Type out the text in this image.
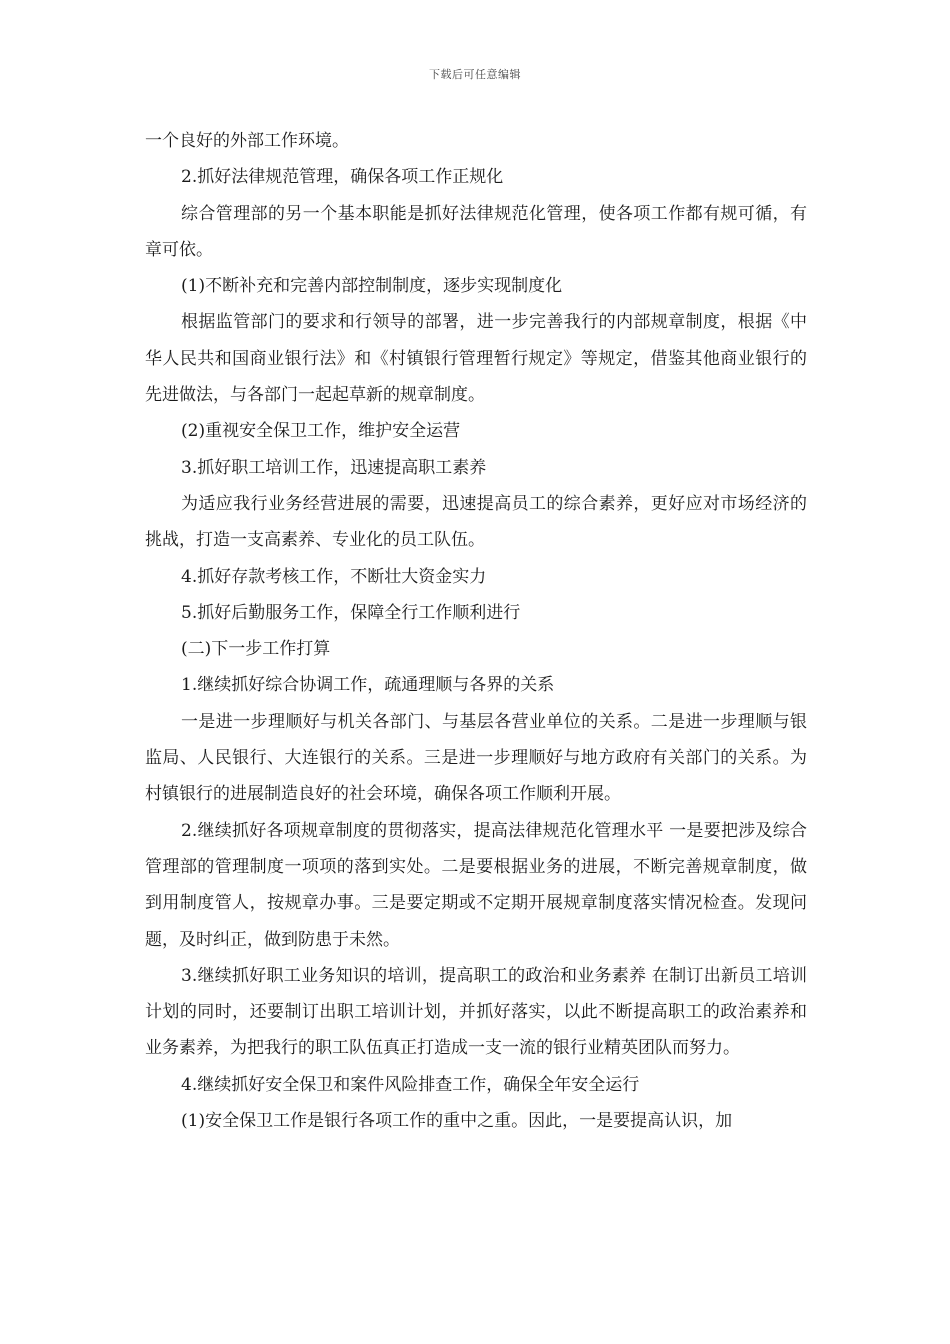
下载后可任意编辑

一个良好的外部工作环境。

2.抓好法律规范管理，确保各项工作正规化

综合管理部的另一个基本职能是抓好法律规范化管理，使各项工作都有规可循，有章可依。

(1)不断补充和完善内部控制制度，逐步实现制度化

根据监管部门的要求和行领导的部署，进一步完善我行的内部规章制度，根据《中华人民共和国商业银行法》和《村镇银行管理暂行规定》等规定，借鉴其他商业银行的先进做法，与各部门一起起草新的规章制度。

(2)重视安全保卫工作，维护安全运营

3.抓好职工培训工作，迅速提高职工素养

为适应我行业务经营进展的需要，迅速提高员工的综合素养，更好应对市场经济的挑战，打造一支高素养、专业化的员工队伍。

4.抓好存款考核工作，不断壮大资金实力

5.抓好后勤服务工作，保障全行工作顺利进行

(二)下一步工作打算

1.继续抓好综合协调工作，疏通理顺与各界的关系

一是进一步理顺好与机关各部门、与基层各营业单位的关系。二是进一步理顺与银监局、人民银行、大连银行的关系。三是进一步理顺好与地方政府有关部门的关系。为村镇银行的进展制造良好的社会环境，确保各项工作顺利开展。

2.继续抓好各项规章制度的贯彻落实，提高法律规范化管理水平 一是要把涉及综合管理部的管理制度一项项的落到实处。二是要根据业务的进展，不断完善规章制度，做到用制度管人，按规章办事。三是要定期或不定期开展规章制度落实情况检查。发现问题，及时纠正，做到防患于未然。

3.继续抓好职工业务知识的培训，提高职工的政治和业务素养 在制订出新员工培训计划的同时，还要制订出职工培训计划，并抓好落实，以此不断提高职工的政治素养和业务素养，为把我行的职工队伍真正打造成一支一流的银行业精英团队而努力。

4.继续抓好安全保卫和案件风险排查工作，确保全年安全运行

(1)安全保卫工作是银行各项工作的重中之重。因此，一是要提高认识，加
